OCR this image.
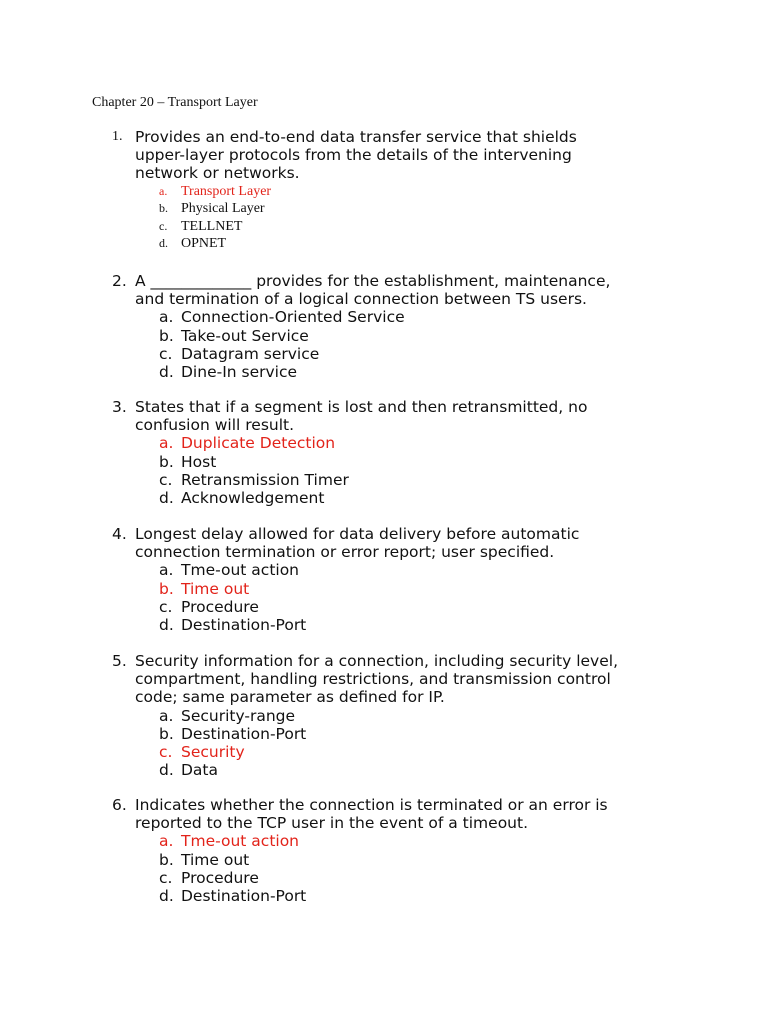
Chapter 20 – Transport Layer
1. Provides an end-to-end data transfer service that shields
upper-layer protocols from the details of the intervening
network or networks.
a. Transport Layer
b. Physical Layer
c. TELLNET
d. OPNET
2. A _____________ provides for the establishment, maintenance,
and termination of a logical connection between TS users.
a. Connection-Oriented Service
b. Take-out Service
c. Datagram service
d. Dine-In service
3. States that if a segment is lost and then retransmitted, no
confusion will result.
a. Duplicate Detection
b. Host
c. Retransmission Timer
d. Acknowledgement
4. Longest delay allowed for data delivery before automatic
connection termination or error report; user specified.
a. Tme-out action
b. Time out
c. Procedure
d. Destination-Port
5. Security information for a connection, including security level,
compartment, handling restrictions, and transmission control
code; same parameter as defined for IP.
a. Security-range
b. Destination-Port
c. Security
d. Data
6. Indicates whether the connection is terminated or an error is
reported to the TCP user in the event of a timeout.
a. Tme-out action
b. Time out
c. Procedure
d. Destination-Port
